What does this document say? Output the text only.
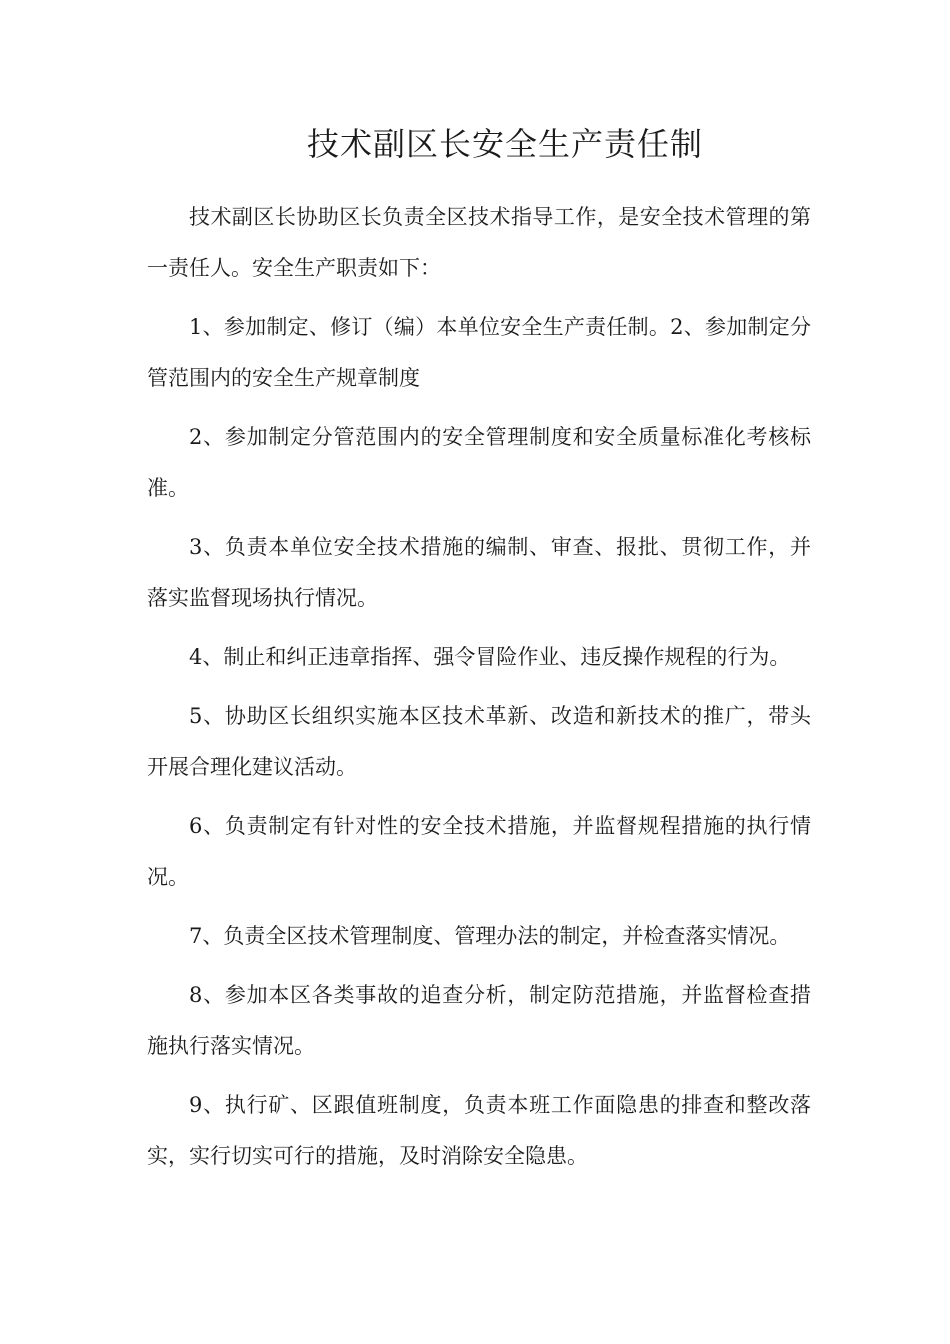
技术副区长安全生产责任制

技术副区长协助区长负责全区技术指导工作，是安全技术管理的第一责任人。安全生产职责如下：

1、参加制定、修订（编）本单位安全生产责任制。2、参加制定分管范围内的安全生产规章制度

2、参加制定分管范围内的安全管理制度和安全质量标准化考核标准。

3、负责本单位安全技术措施的编制、审查、报批、贯彻工作，并落实监督现场执行情况。

4、制止和纠正违章指挥、强令冒险作业、违反操作规程的行为。

5、协助区长组织实施本区技术革新、改造和新技术的推广，带头开展合理化建议活动。

6、负责制定有针对性的安全技术措施，并监督规程措施的执行情况。

7、负责全区技术管理制度、管理办法的制定，并检查落实情况。

8、参加本区各类事故的追查分析，制定防范措施，并监督检查措施执行落实情况。

9、执行矿、区跟值班制度，负责本班工作面隐患的排查和整改落实，实行切实可行的措施，及时消除安全隐患。
